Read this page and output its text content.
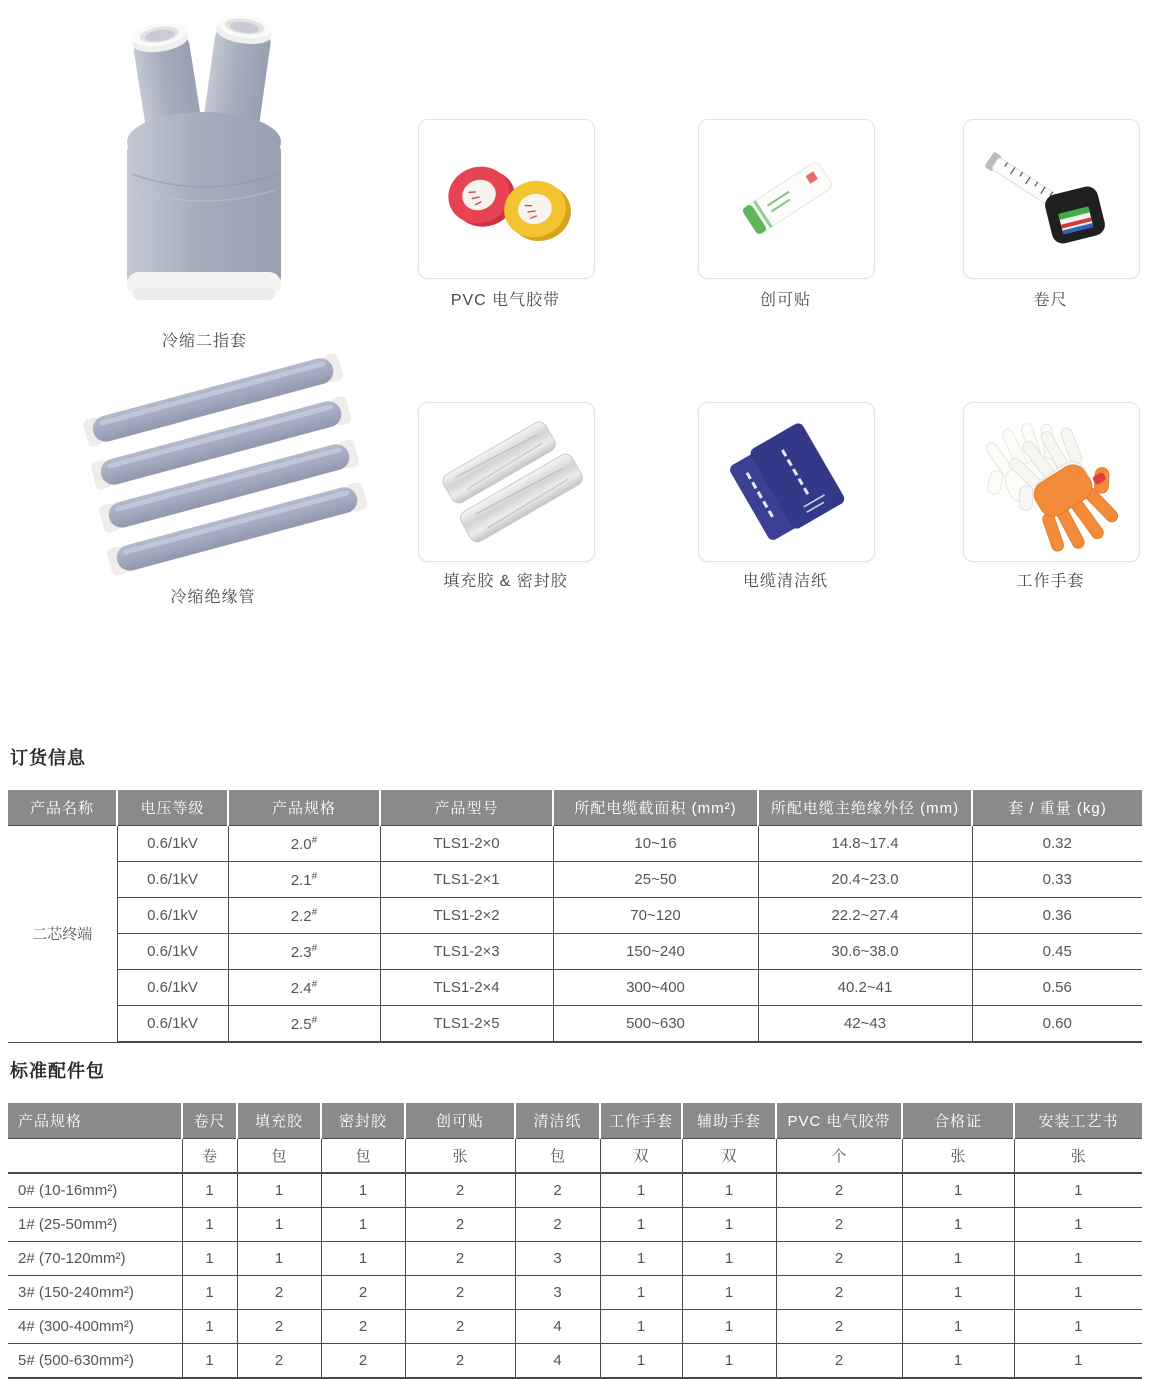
冷缩二指套
PVC 电气胶带	创可贴	卷尺
冷缩绝缘管
填充胶 & 密封胶	电缆清洁纸	工作手套
订货信息
产品名称	电压等级	产品规格	产品型号	所配电缆截面积 (mm²)	所配电缆主绝缘外径 (mm)	套 / 重量 (kg)
二芯终端	0.6/1kV	2.0#	TLS1-2×0	10~16	14.8~17.4	0.32
	0.6/1kV	2.1#	TLS1-2×1	25~50	20.4~23.0	0.33
	0.6/1kV	2.2#	TLS1-2×2	70~120	22.2~27.4	0.36
	0.6/1kV	2.3#	TLS1-2×3	150~240	30.6~38.0	0.45
	0.6/1kV	2.4#	TLS1-2×4	300~400	40.2~41	0.56
	0.6/1kV	2.5#	TLS1-2×5	500~630	42~43	0.60
标准配件包
产品规格	卷尺	填充胶	密封胶	创可贴	清洁纸	工作手套	辅助手套	PVC 电气胶带	合格证	安装工艺书
	卷	包	包	张	包	双	双	个	张	张
0# (10-16mm²)	1	1	1	2	2	1	1	2	1	1
1# (25-50mm²)	1	1	1	2	2	1	1	2	1	1
2# (70-120mm²)	1	1	1	2	3	1	1	2	1	1
3# (150-240mm²)	1	2	2	2	3	1	1	2	1	1
4# (300-400mm²)	1	2	2	2	4	1	1	2	1	1
5# (500-630mm²)	1	2	2	2	4	1	1	2	1	1
